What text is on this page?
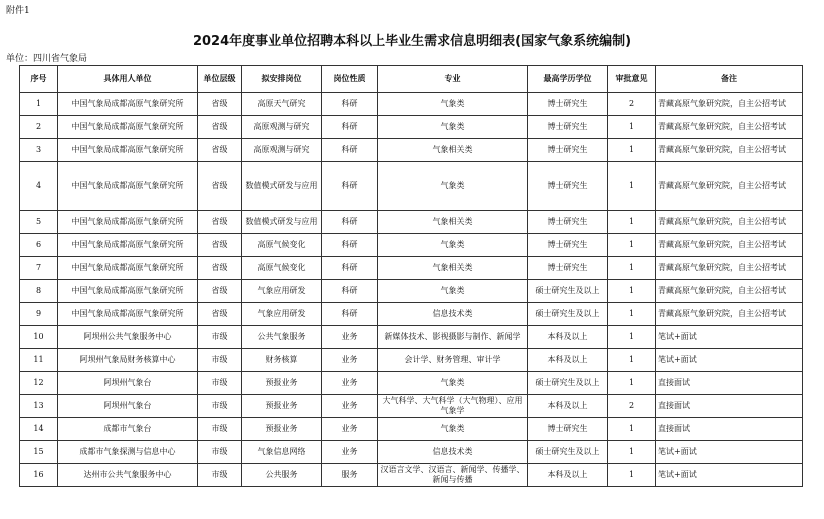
附件1
2024年度事业单位招聘本科以上毕业生需求信息明细表(国家气象系统编制)
单位：四川省气象局
序号	具体用人单位	单位层级	拟安排岗位	岗位性质	专业	最高学历学位	审批意见	备注
1	中国气象局成都高原气象研究所	省级	高原天气研究	科研	气象类	博士研究生	2	青藏高原气象研究院，自主公招考试
2	中国气象局成都高原气象研究所	省级	高原观测与研究	科研	气象类	博士研究生	1	青藏高原气象研究院，自主公招考试
3	中国气象局成都高原气象研究所	省级	高原观测与研究	科研	气象相关类	博士研究生	1	青藏高原气象研究院，自主公招考试
4	中国气象局成都高原气象研究所	省级	数值模式研发与应用	科研	气象类	博士研究生	1	青藏高原气象研究院，自主公招考试
5	中国气象局成都高原气象研究所	省级	数值模式研发与应用	科研	气象相关类	博士研究生	1	青藏高原气象研究院，自主公招考试
6	中国气象局成都高原气象研究所	省级	高原气候变化	科研	气象类	博士研究生	1	青藏高原气象研究院，自主公招考试
7	中国气象局成都高原气象研究所	省级	高原气候变化	科研	气象相关类	博士研究生	1	青藏高原气象研究院，自主公招考试
8	中国气象局成都高原气象研究所	省级	气象应用研发	科研	气象类	硕士研究生及以上	1	青藏高原气象研究院，自主公招考试
9	中国气象局成都高原气象研究所	省级	气象应用研发	科研	信息技术类	硕士研究生及以上	1	青藏高原气象研究院，自主公招考试
10	阿坝州公共气象服务中心	市级	公共气象服务	业务	新媒体技术、影视摄影与制作、新闻学	本科及以上	1	笔试+面试
11	阿坝州气象局财务核算中心	市级	财务核算	业务	会计学、财务管理、审计学	本科及以上	1	笔试+面试
12	阿坝州气象台	市级	预报业务	业务	气象类	硕士研究生及以上	1	直接面试
13	阿坝州气象台	市级	预报业务	业务	大气科学、大气科学（大气物理）、应用气象学	本科及以上	2	直接面试
14	成都市气象台	市级	预报业务	业务	气象类	博士研究生	1	直接面试
15	成都市气象探测与信息中心	市级	气象信息网络	业务	信息技术类	硕士研究生及以上	1	笔试+面试
16	达州市公共气象服务中心	市级	公共服务	服务	汉语言文学、汉语言、新闻学、传播学、新闻与传播	本科及以上	1	笔试+面试
